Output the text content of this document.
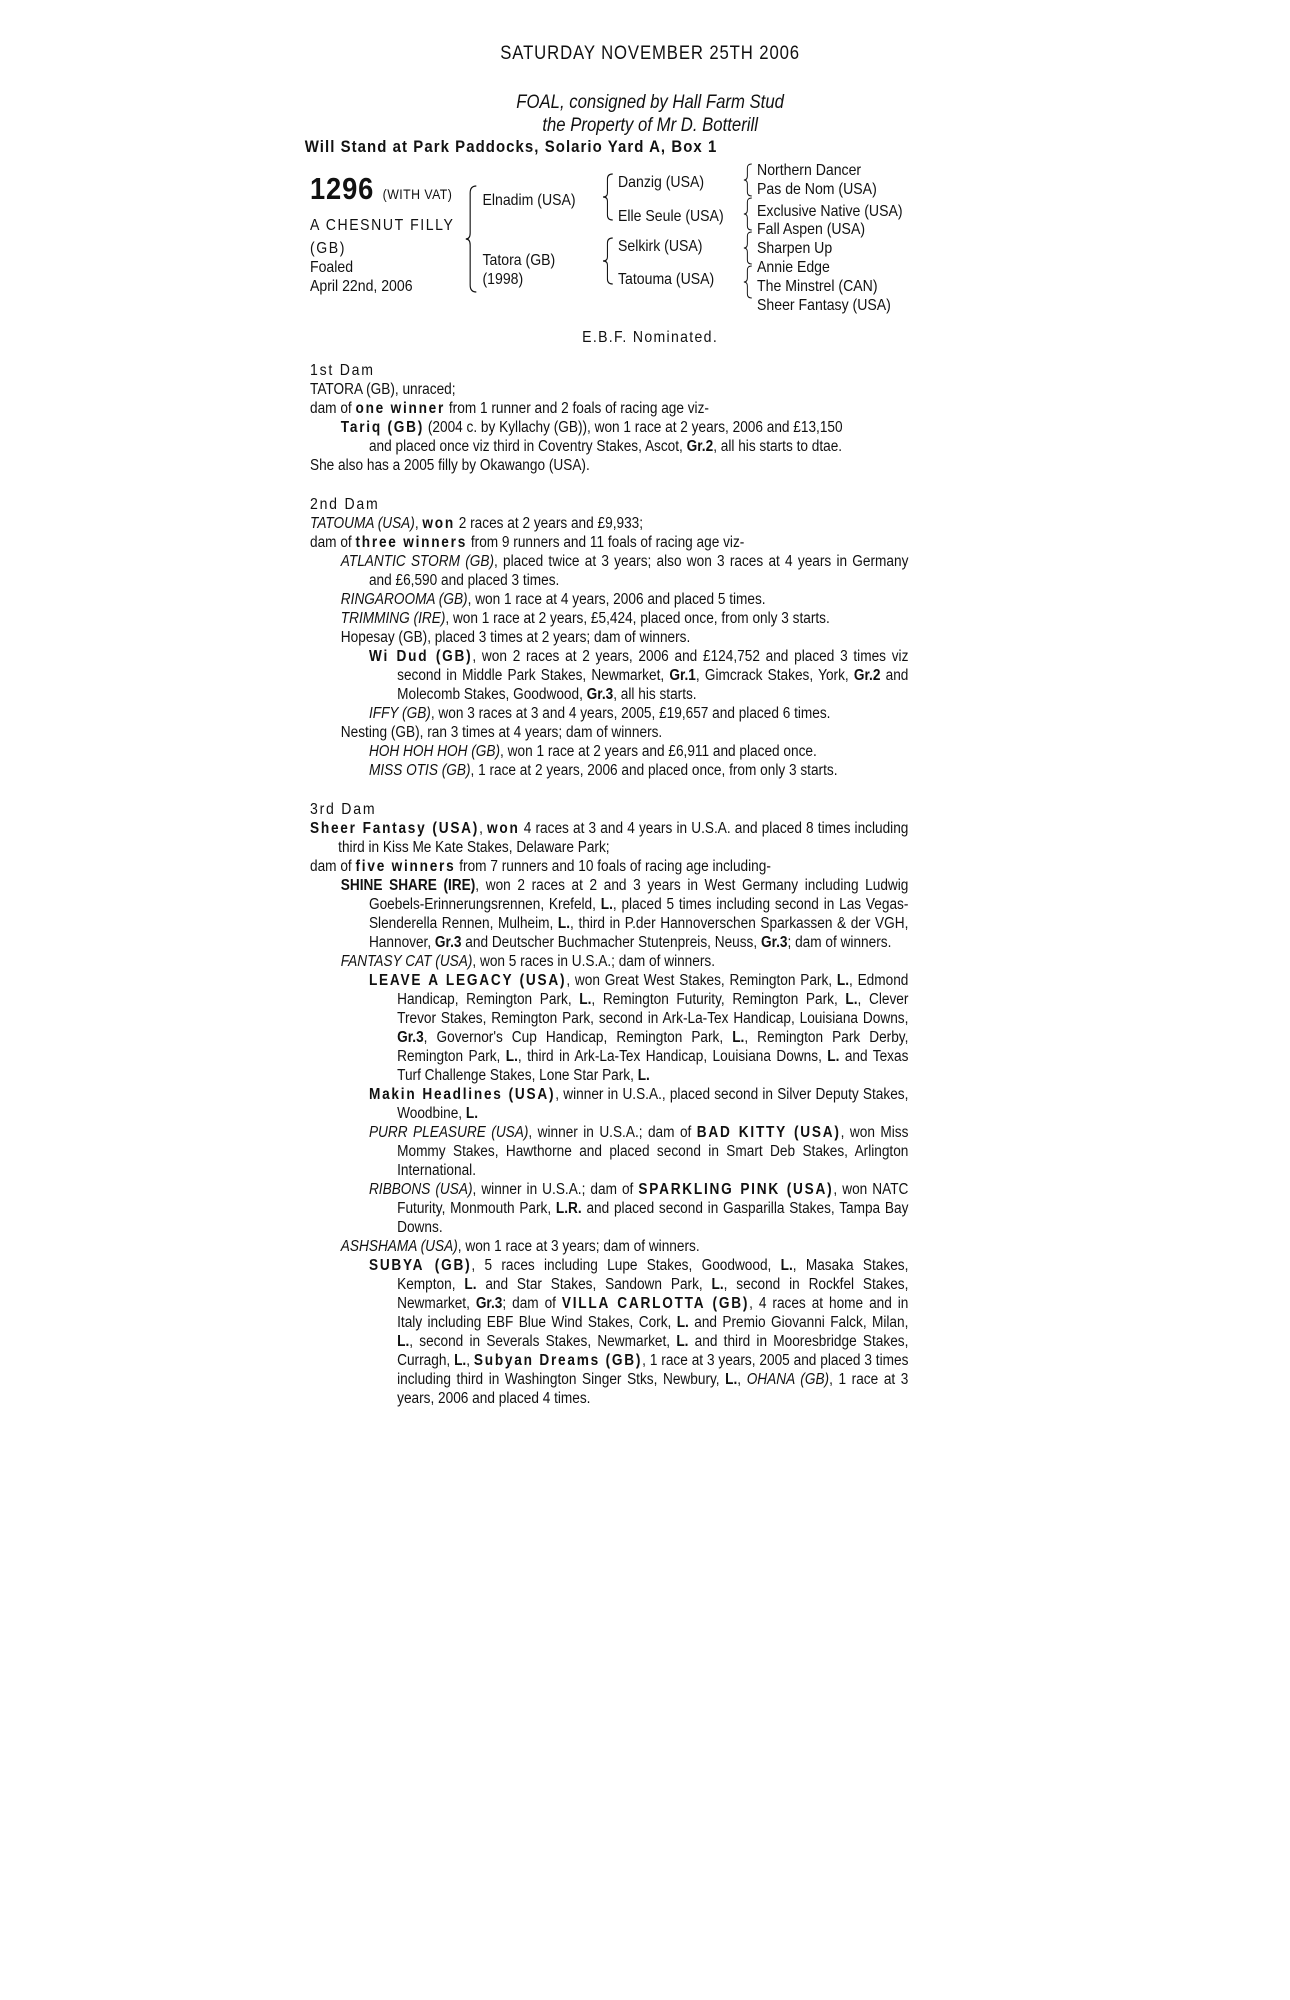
SATURDAY NOVEMBER 25TH 2006
FOAL, consigned by Hall Farm Stud
the Property of Mr D. Botterill
Will Stand at Park Paddocks, Solario Yard A, Box 1
1296 (WITH VAT)
A CHESNUT FILLY
(GB)
Foaled
April 22nd, 2006
Elnadim (USA)
Tatora (GB)
(1998)
Danzig (USA)
Elle Seule (USA)
Selkirk (USA)
Tatouma (USA)
Northern Dancer
Pas de Nom (USA)
Exclusive Native (USA)
Fall Aspen (USA)
Sharpen Up
Annie Edge
The Minstrel (CAN)
Sheer Fantasy (USA)
E.B.F. Nominated.
1st Dam

TATORA (GB), unraced;

dam of one winner from 1 runner and 2 foals of racing age viz-

Tariq (GB) (2004 c. by Kyllachy (GB)), won 1 race at 2 years, 2006 and £13,150
and placed once viz third in Coventry Stakes, Ascot, Gr.2, all his starts to dtae.

She also has a 2005 filly by Okawango (USA).

2nd Dam

TATOUMA (USA), won 2 races at 2 years and £9,933;

dam of three winners from 9 runners and 11 foals of racing age viz-

ATLANTIC STORM (GB), placed twice at 3 years; also won 3 races at 4 years in Germany and £6,590 and placed 3 times.

RINGAROOMA (GB), won 1 race at 4 years, 2006 and placed 5 times.

TRIMMING (IRE), won 1 race at 2 years, £5,424, placed once, from only 3 starts.

Hopesay (GB), placed 3 times at 2 years; dam of winners.

Wi Dud (GB), won 2 races at 2 years, 2006 and £124,752 and placed 3 times viz second in Middle Park Stakes, Newmarket, Gr.1, Gimcrack Stakes, York, Gr.2 and Molecomb Stakes, Goodwood, Gr.3, all his starts.

IFFY (GB), won 3 races at 3 and 4 years, 2005, £19,657 and placed 6 times.

Nesting (GB), ran 3 times at 4 years; dam of winners.

HOH HOH HOH (GB), won 1 race at 2 years and £6,911 and placed once.

MISS OTIS (GB), 1 race at 2 years, 2006 and placed once, from only 3 starts.

3rd Dam

Sheer Fantasy (USA), won 4 races at 3 and 4 years in U.S.A. and placed 8 times including third in Kiss Me Kate Stakes, Delaware Park;

dam of five winners from 7 runners and 10 foals of racing age including-

SHINE SHARE (IRE), won 2 races at 2 and 3 years in West Germany including Ludwig Goebels-Erinnerungsrennen, Krefeld, L., placed 5 times including second in Las Vegas-Slenderella Rennen, Mulheim, L., third in P.der Hannoverschen Sparkassen & der VGH, Hannover, Gr.3 and Deutscher Buchmacher Stutenpreis, Neuss, Gr.3; dam of winners.

FANTASY CAT (USA), won 5 races in U.S.A.; dam of winners.

LEAVE A LEGACY (USA), won Great West Stakes, Remington Park, L., Edmond Handicap, Remington Park, L., Remington Futurity, Remington Park, L., Clever Trevor Stakes, Remington Park, second in Ark-La-Tex Handicap, Louisiana Downs, Gr.3, Governor's Cup Handicap, Remington Park, L., Remington Park Derby, Remington Park, L., third in Ark-La-Tex Handicap, Louisiana Downs, L. and Texas Turf Challenge Stakes, Lone Star Park, L.

Makin Headlines (USA), winner in U.S.A., placed second in Silver Deputy Stakes, Woodbine, L.

PURR PLEASURE (USA), winner in U.S.A.; dam of BAD KITTY (USA), won Miss Mommy Stakes, Hawthorne and placed second in Smart Deb Stakes, Arlington International.

RIBBONS (USA), winner in U.S.A.; dam of SPARKLING PINK (USA), won NATC Futurity, Monmouth Park, L.R. and placed second in Gasparilla Stakes, Tampa Bay Downs.

ASHSHAMA (USA), won 1 race at 3 years; dam of winners.

SUBYA (GB), 5 races including Lupe Stakes, Goodwood, L., Masaka Stakes, Kempton, L. and Star Stakes, Sandown Park, L., second in Rockfel Stakes, Newmarket, Gr.3; dam of VILLA CARLOTTA (GB), 4 races at home and in Italy including EBF Blue Wind Stakes, Cork, L. and Premio Giovanni Falck, Milan, L., second in Severals Stakes, Newmarket, L. and third in Mooresbridge Stakes, Curragh, L., Subyan Dreams (GB), 1 race at 3 years, 2005 and placed 3 times including third in Washington Singer Stks, Newbury, L., OHANA (GB), 1 race at 3 years, 2006 and placed 4 times.
